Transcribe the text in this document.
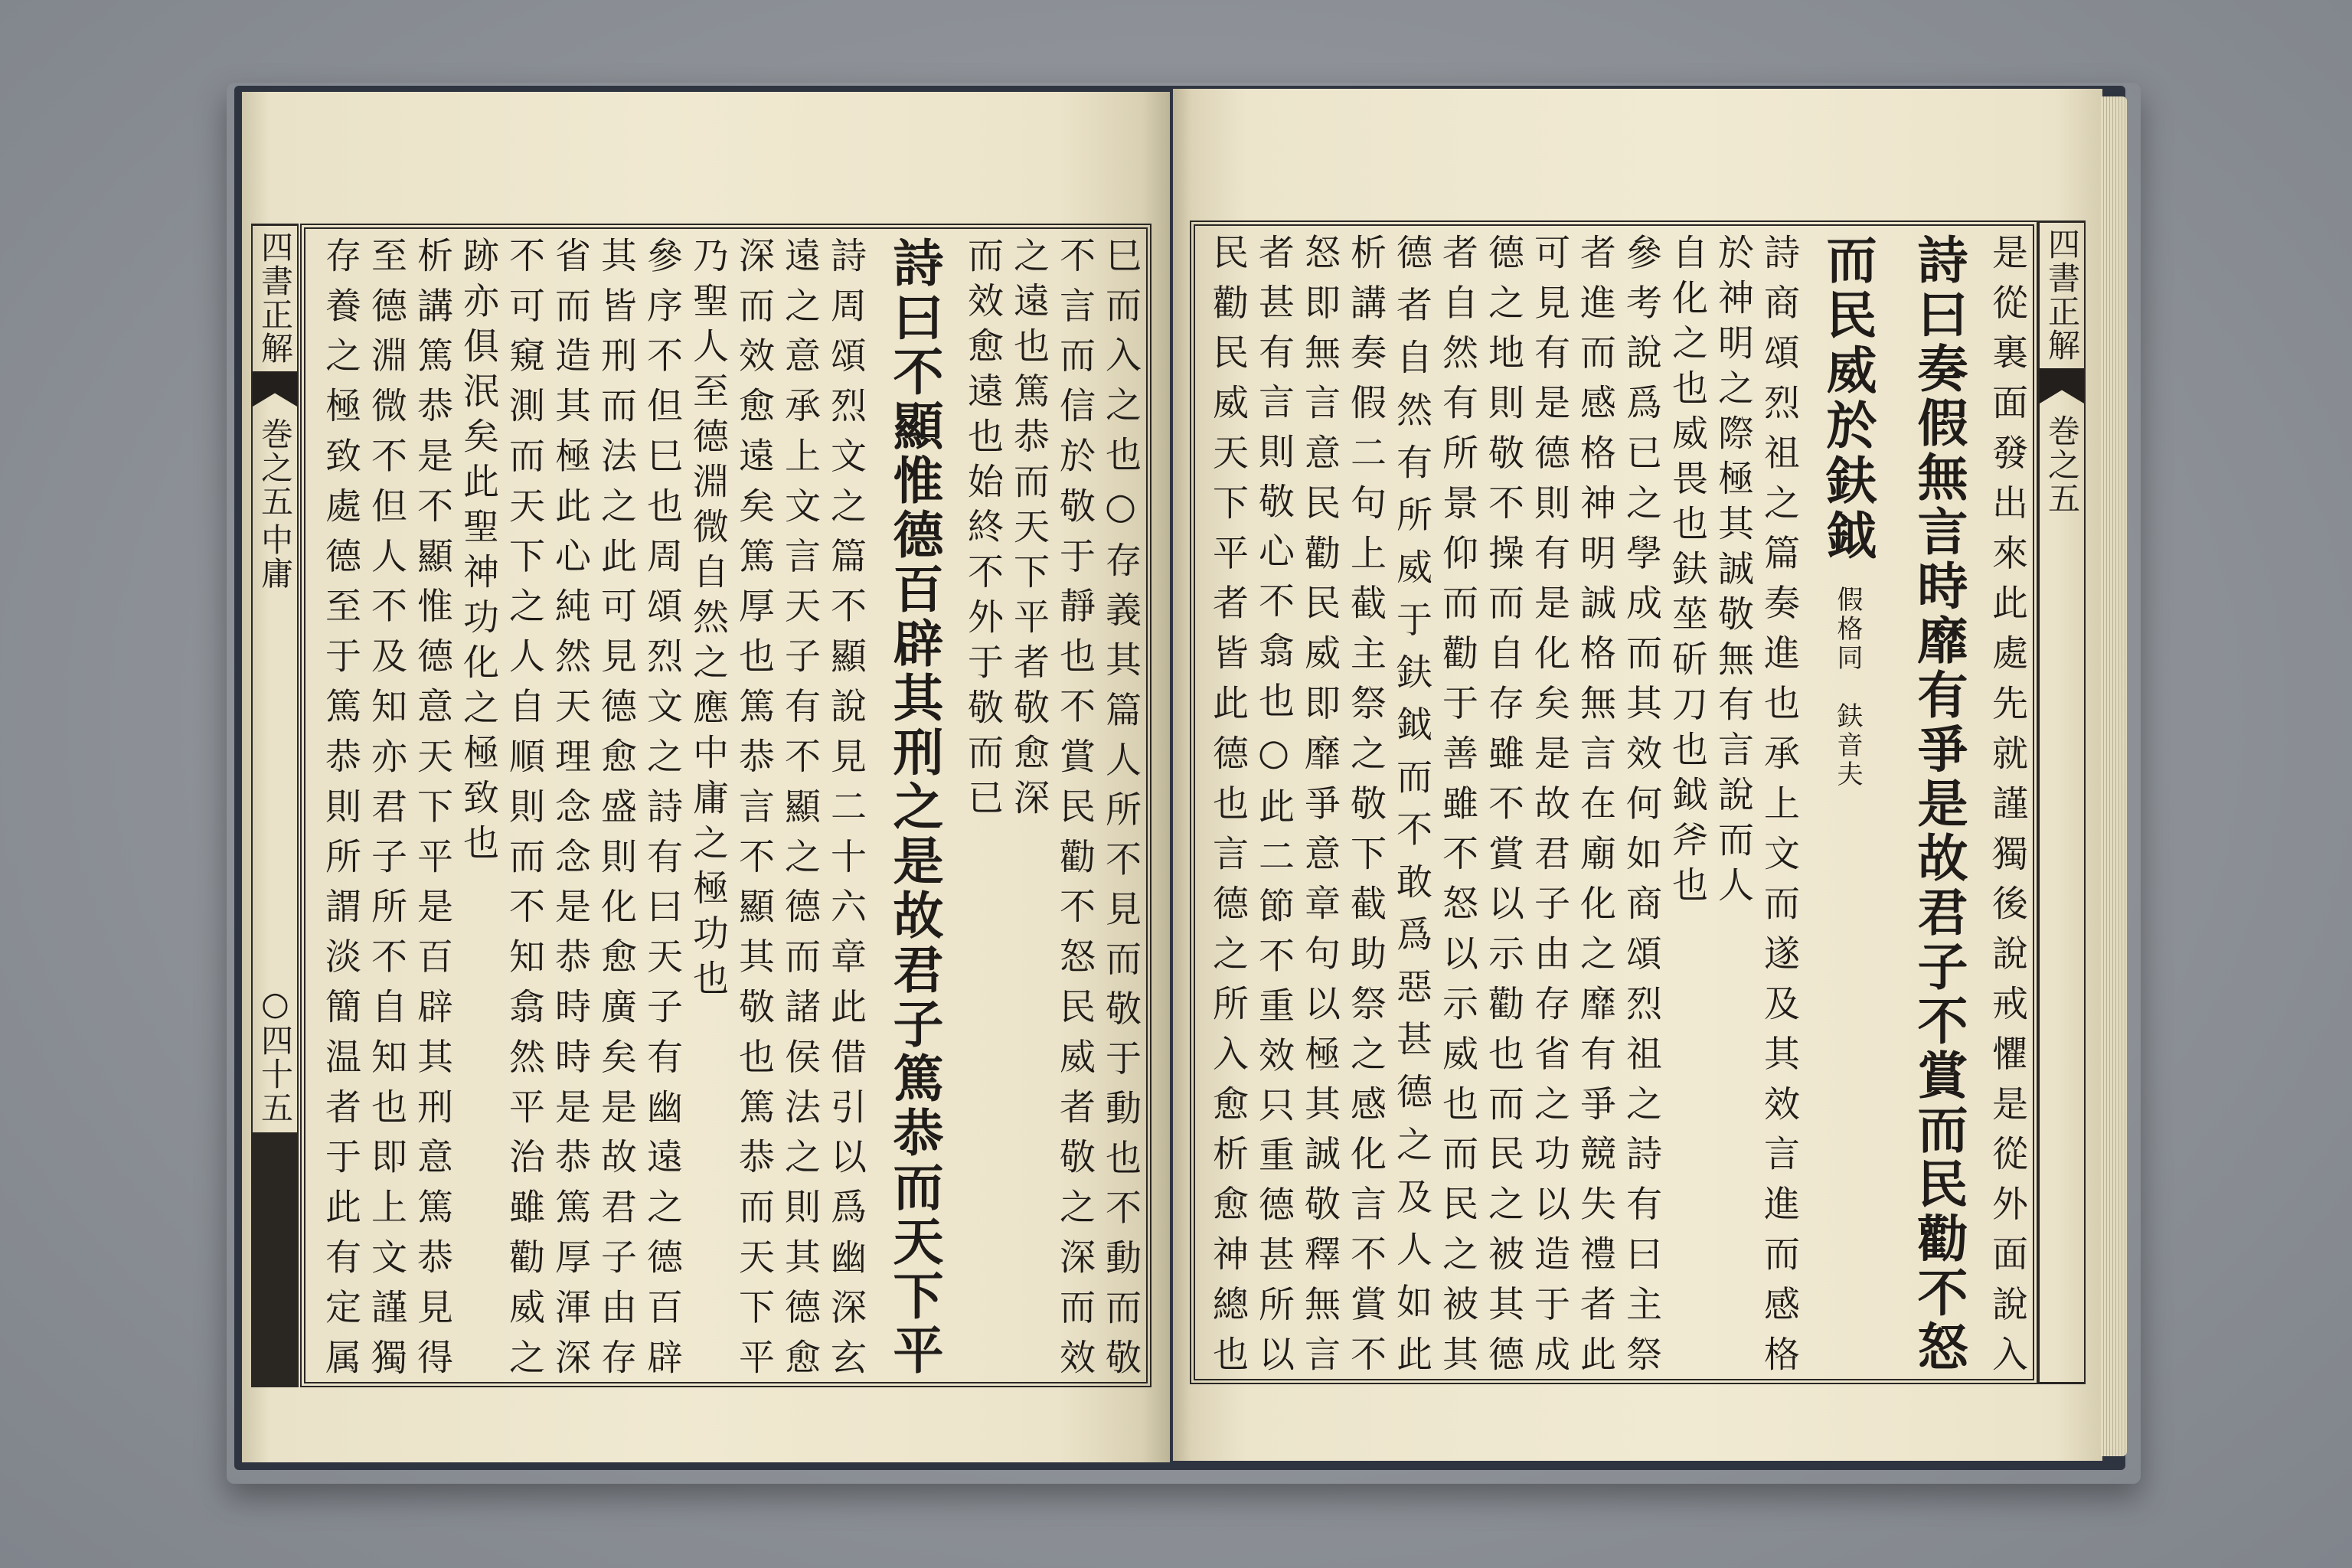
四書正解
巻之五
中庸
○四十五	巳而入之也○存義其篇人所不見而敬于動也不動而敬
不言而信於敬于靜也不賞民勸不怒民威者敬之深而效
之遠也篤恭而天下平者敬愈深
而效愈遠也始終不外于敬而已
詩曰不顯惟德百辟其刑之是故君子篤恭而天下平
詩周頌烈文之篇不顯說見二十六章此借引以爲幽深玄
遠之意承上文言天子有不顯之德而諸侯法之則其德愈
深而效愈遠矣篤厚也篤恭言不顯其敬也篤恭而天下平
乃聖人至德淵微自然之應中庸之極功也
參序不但巳也周頌烈文之詩有曰天子有幽遠之德百辟
其皆刑而法之此可見德愈盛則化愈廣矣是故君子由存
省而造其極此心純然天理念念是恭時時是恭篤厚渾深
不可窺測而天下之人自順則而不知翕然平治雖勸威之
跡亦俱泯矣此聖神功化之極致也
析講篤恭是不顯惟德意天下平是百辟其刑意篤恭見得
至德淵微不但人不及知亦君子所不自知也即上文謹獨
存養之極致處德至于篤恭則所謂淡簡温者于此有定属	是從裏面發出來此處先就謹獨後說戒懼是從外面說入
詩曰奏假無言時靡有爭是故君子不賞而民勸不怒
而民威於鈇鉞假格同　鈇音夫
詩商頌烈祖之篇奏進也承上文而遂及其效言進而感格
於神明之際極其誠敬無有言說而人
自化之也威畏也鈇莝斫刀也鉞斧也
參考說爲已之學成而其效何如商頌烈祖之詩有曰主祭
者進而感格神明誠格無言在廟化之靡有爭競失禮者此
可見有是德則有是化矣是故君子由存省之功以造于成
德之地則敬不操而自存雖不賞以示勸也而民之被其德
者自然有所景仰而勸于善雖不怒以示威也而民之被其
德者自然有所威于鈇鉞而不敢爲惡甚德之及人如此
析講奏假二句上截主祭之敬下截助祭之感化言不賞不
怒即無言意民勸民威即靡爭意章句以極其誠敬釋無言
者甚有言則敬心不翕也○此二節不重效只重德甚所以
民勸民威天下平者皆此德也言德之所入愈析愈神總也	四書正解
巻之五
